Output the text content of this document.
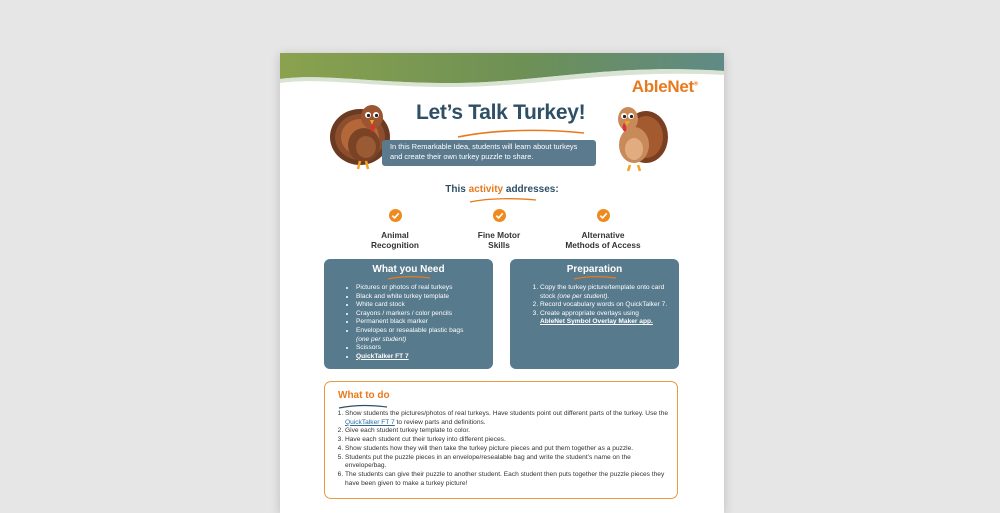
AbleNet®
Let’s Talk Turkey!
In this Remarkable Idea, students will learn about turkeys and create their own turkey puzzle to share.
This activity addresses:
Animal
Recognition
Fine Motor
Skills
Alternative
Methods of Access
What you Need
• Pictures or photos of real turkeys
• Black and white turkey template
• White card stock
• Crayons / markers / color pencils
• Permanent black marker
• Envelopes or resealable plastic bags
(one per student)
• Scissors
• QuickTalker FT 7
Preparation
1. Copy the turkey picture/template onto card stock (one per student).
2. Record vocabulary words on QuickTalker 7.
3. Create appropriate overlays using
AbleNet Symbol Overlay Maker app.
What to do
1. Show students the pictures/photos of real turkeys. Have students point out different parts of the turkey. Use the QuickTalker FT 7 to review parts and definitions.
2. Give each student turkey template to color.
3. Have each student cut their turkey into different pieces.
4. Show students how they will then take the turkey picture pieces and put them together as a puzzle.
5. Students put the puzzle pieces in an envelope/resealable bag and write the student’s name on the envelope/bag.
6. The students can give their puzzle to another student. Each student then puts together the puzzle pieces they have been given to make a turkey picture!
